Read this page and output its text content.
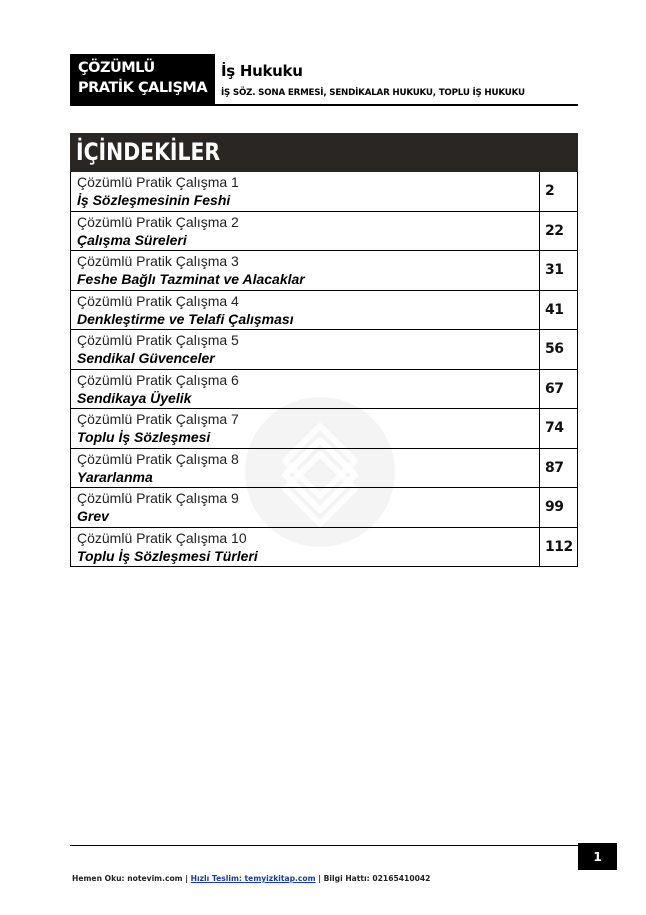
ÇÖZÜMLÜ
PRATİK ÇALIŞMA
İş Hukuku
İŞ SÖZ. SONA ERMESİ, SENDİKALAR HUKUKU, TOPLU İŞ HUKUKU
İÇİNDEKİLER
Çözümlü Pratik Çalışma 1
İş Sözleşmesinin Feshi
2
Çözümlü Pratik Çalışma 2
Çalışma Süreleri
22
Çözümlü Pratik Çalışma 3
Feshe Bağlı Tazminat ve Alacaklar
31
Çözümlü Pratik Çalışma 4
Denkleştirme ve Telafi Çalışması
41
Çözümlü Pratik Çalışma 5
Sendikal Güvenceler
56
Çözümlü Pratik Çalışma 6
Sendikaya Üyelik
67
Çözümlü Pratik Çalışma 7
Toplu İş Sözleşmesi
74
Çözümlü Pratik Çalışma 8
Yararlanma
87
Çözümlü Pratik Çalışma 9
Grev
99
Çözümlü Pratik Çalışma 10
Toplu İş Sözleşmesi Türleri
112
1
Hemen Oku: notevim.com | Hızlı Teslim: temyizkitap.com | Bilgi Hattı: 02165410042
